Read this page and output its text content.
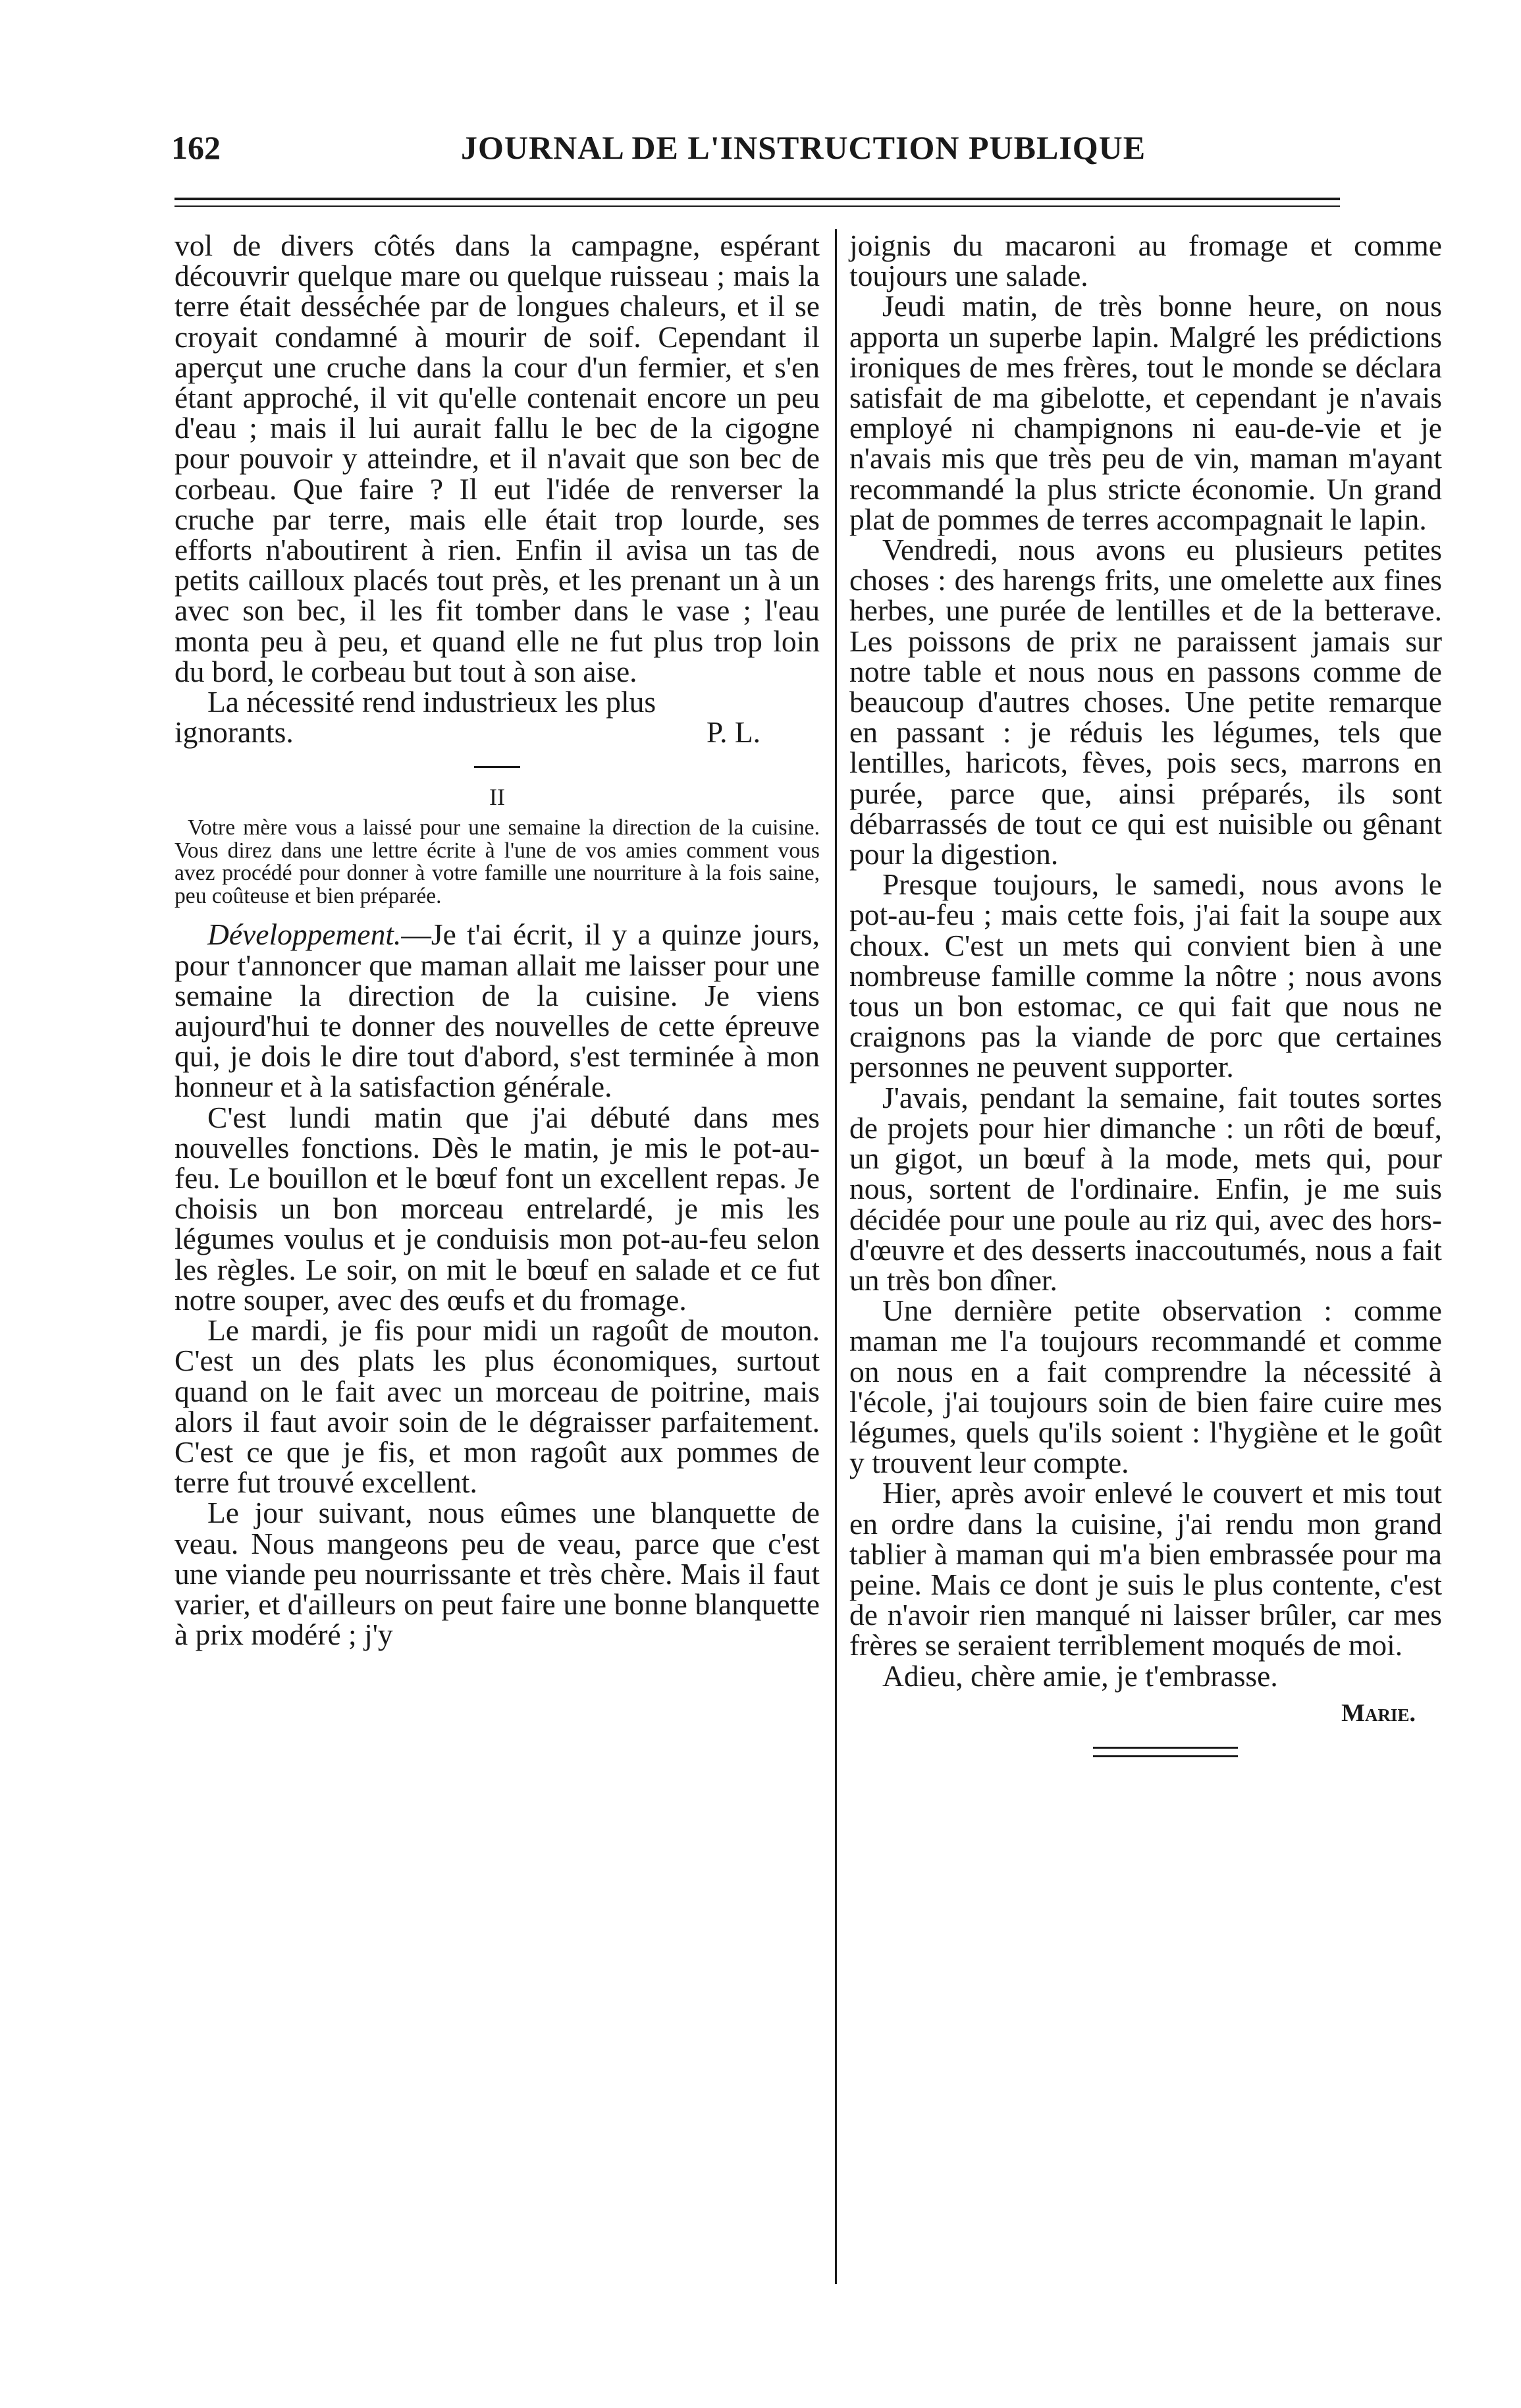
162	JOURNAL DE L'INSTRUCTION PUBLIQUE

vol de divers côtés dans la campagne, espérant découvrir quelque mare ou quelque ruisseau ; mais la terre était desséchée par de longues chaleurs, et il se croyait condamné à mourir de soif. Cependant il aperçut une cruche dans la cour d'un fermier, et s'en étant approché, il vit qu'elle contenait encore un peu d'eau ; mais il lui aurait fallu le bec de la cigogne pour pouvoir y atteindre, et il n'avait que son bec de corbeau. Que faire ? Il eut l'idée de renverser la cruche par terre, mais elle était trop lourde, ses efforts n'aboutirent à rien. Enfin il avisa un tas de petits cailloux placés tout près, et les prenant un à un avec son bec, il les fit tomber dans le vase ; l'eau monta peu à peu, et quand elle ne fut plus trop loin du bord, le corbeau but tout à son aise.

La nécessité rend industrieux les plus

ignorants.	P. L.

II

Votre mère vous a laissé pour une semaine la direction de la cuisine. Vous direz dans une lettre écrite à l'une de vos amies comment vous avez procédé pour donner à votre famille une nourriture à la fois saine, peu coûteuse et bien préparée.

Développement.—Je t'ai écrit, il y a quinze jours, pour t'annoncer que maman allait me laisser pour une semaine la direction de la cuisine. Je viens aujourd'hui te donner des nouvelles de cette épreuve qui, je dois le dire tout d'abord, s'est terminée à mon honneur et à la satisfaction générale.

C'est lundi matin que j'ai débuté dans mes nouvelles fonctions. Dès le matin, je mis le pot-au-feu. Le bouillon et le bœuf font un excellent repas. Je choisis un bon morceau entrelardé, je mis les légumes voulus et je conduisis mon pot-au-feu selon les règles. Le soir, on mit le bœuf en salade et ce fut notre souper, avec des œufs et du fromage.

Le mardi, je fis pour midi un ragoût de mouton. C'est un des plats les plus économiques, surtout quand on le fait avec un morceau de poitrine, mais alors il faut avoir soin de le dégraisser parfaitement. C'est ce que je fis, et mon ragoût aux pommes de terre fut trouvé excellent.

Le jour suivant, nous eûmes une blanquette de veau. Nous mangeons peu de veau, parce que c'est une viande peu nourrissante et très chère. Mais il faut varier, et d'ailleurs on peut faire une bonne blanquette à prix modéré ; j'y

joignis du macaroni au fromage et comme toujours une salade.

Jeudi matin, de très bonne heure, on nous apporta un superbe lapin. Malgré les prédictions ironiques de mes frères, tout le monde se déclara satisfait de ma gibelotte, et cependant je n'avais employé ni champignons ni eau-de-vie et je n'avais mis que très peu de vin, maman m'ayant recommandé la plus stricte économie. Un grand plat de pommes de terres accompagnait le lapin.

Vendredi, nous avons eu plusieurs petites choses : des harengs frits, une omelette aux fines herbes, une purée de lentilles et de la betterave. Les poissons de prix ne paraissent jamais sur notre table et nous nous en passons comme de beaucoup d'autres choses. Une petite remarque en passant : je réduis les légumes, tels que lentilles, haricots, fèves, pois secs, marrons en purée, parce que, ainsi préparés, ils sont débarrassés de tout ce qui est nuisible ou gênant pour la digestion.

Presque toujours, le samedi, nous avons le pot-au-feu ; mais cette fois, j'ai fait la soupe aux choux. C'est un mets qui convient bien à une nombreuse famille comme la nôtre ; nous avons tous un bon estomac, ce qui fait que nous ne craignons pas la viande de porc que certaines personnes ne peuvent supporter.

J'avais, pendant la semaine, fait toutes sortes de projets pour hier dimanche : un rôti de bœuf, un gigot, un bœuf à la mode, mets qui, pour nous, sortent de l'ordinaire. Enfin, je me suis décidée pour une poule au riz qui, avec des hors-d'œuvre et des desserts inaccoutumés, nous a fait un très bon dîner.

Une dernière petite observation : comme maman me l'a toujours recommandé et comme on nous en a fait comprendre la nécessité à l'école, j'ai toujours soin de bien faire cuire mes légumes, quels qu'ils soient : l'hygiène et le goût y trouvent leur compte.

Hier, après avoir enlevé le couvert et mis tout en ordre dans la cuisine, j'ai rendu mon grand tablier à maman qui m'a bien embrassée pour ma peine. Mais ce dont je suis le plus contente, c'est de n'avoir rien manqué ni laisser brûler, car mes frères se seraient terriblement moqués de moi.

Adieu, chère amie, je t'embrasse.

Marie.
